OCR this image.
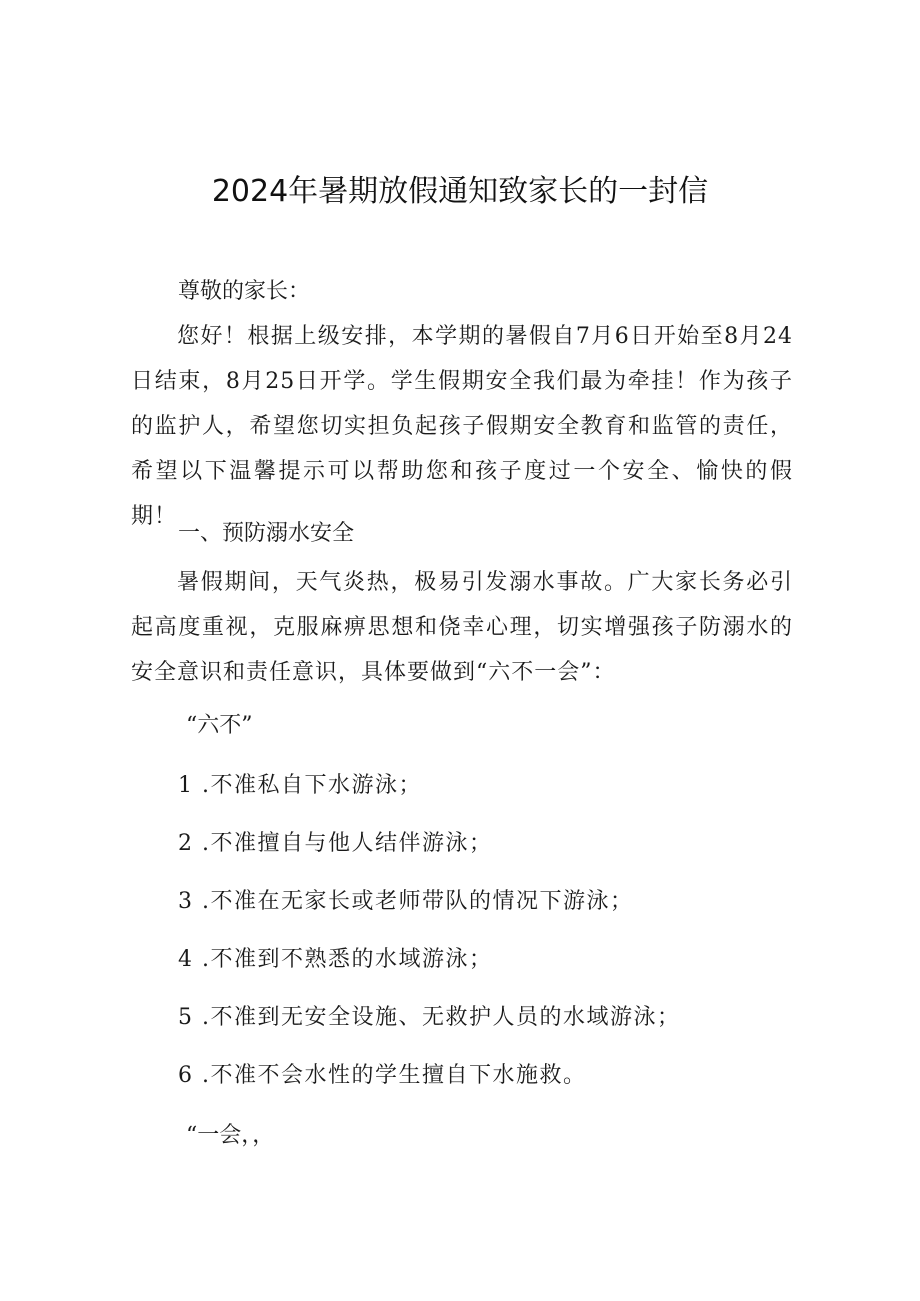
2024年暑期放假通知致家长的一封信
尊敬的家长：
您好！根据上级安排，本学期的暑假自7月6日开始至8月24日结束，8月25日开学。学生假期安全我们最为牵挂！作为孩子的监护人，希望您切实担负起孩子假期安全教育和监管的责任，希望以下温馨提示可以帮助您和孩子度过一个安全、愉快的假期！
一、预防溺水安全
暑假期间，天气炎热，极易引发溺水事故。广大家长务必引起高度重视，克服麻痹思想和侥幸心理，切实增强孩子防溺水的安全意识和责任意识，具体要做到“六不一会”：
“六不”
1 .不准私自下水游泳；
2 .不准擅自与他人结伴游泳；
3 .不准在无家长或老师带队的情况下游泳；
4 .不准到不熟悉的水域游泳；
5 .不准到无安全设施、无救护人员的水域游泳；
6 .不准不会水性的学生擅自下水施救。
“一会，，
